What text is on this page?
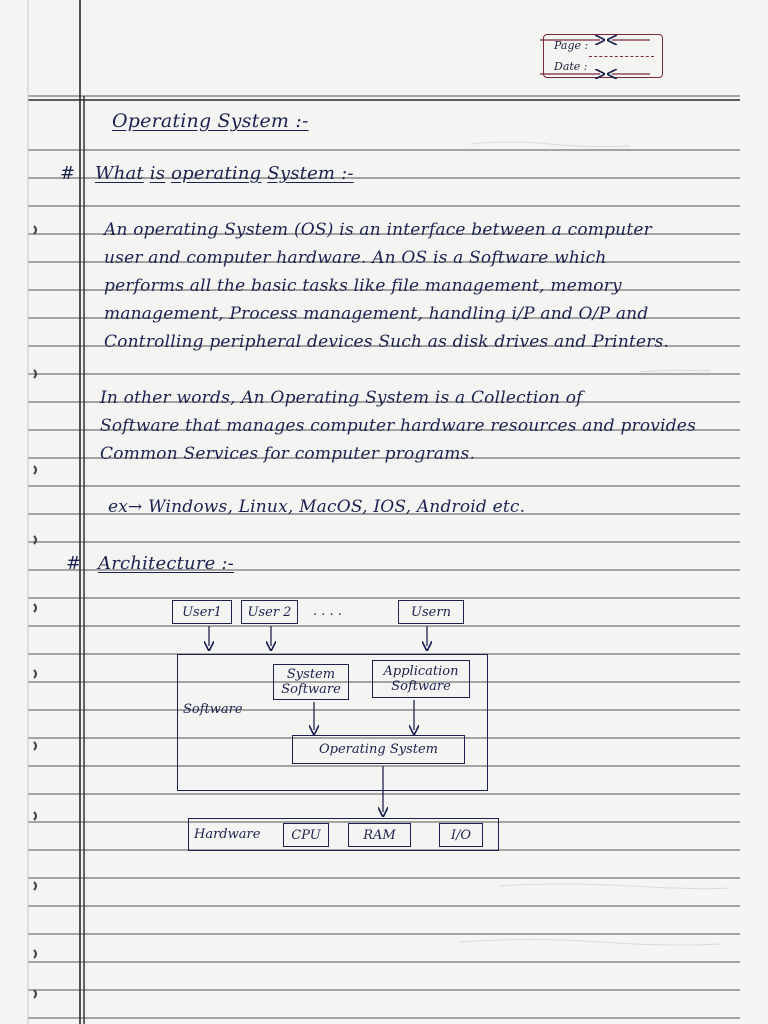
Page :
Date :

Operating System :-

# What is operating System :-

An operating System (OS) is an interface between a computer
user and computer hardware. An OS is a Software which
performs all the basic tasks like file management, memory
management, Process management, handling i/P and O/P and
Controlling peripheral devices Such as disk drives and Printers.
In other words, An Operating System is a Collection of
Software that manages computer hardware resources and provides
Common Services for computer programs.

ex→ Windows, Linux, MacOS, IOS, Android etc.

# Architecture :-

User1	User 2	. . . .	Usern
Software
System
Software
Application
Software
Operating System
Hardware	CPU	RAM	I/O
